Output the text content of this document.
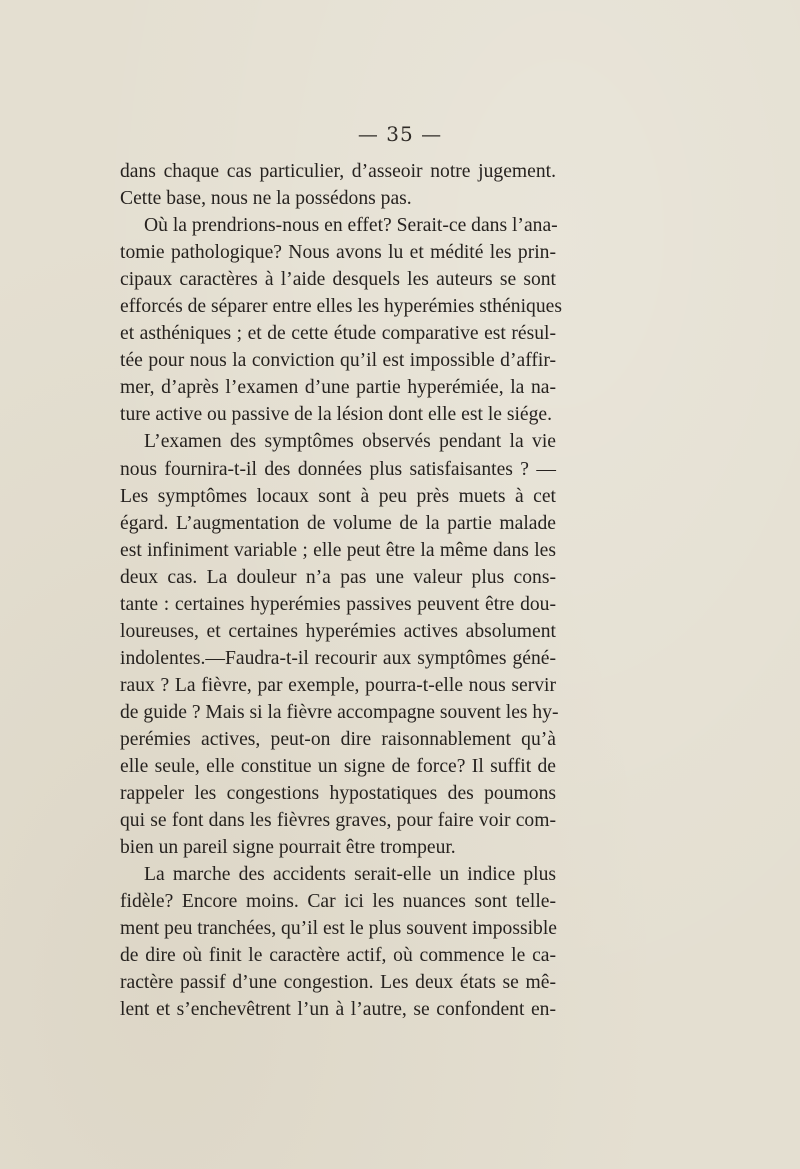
— 35 —
dans chaque cas particulier, d’asseoir notre jugement.
Cette base, nous ne la possédons pas.
Où la prendrions-nous en effet? Serait-ce dans l’ana-
tomie pathologique? Nous avons lu et médité les prin-
cipaux caractères à l’aide desquels les auteurs se sont
efforcés de séparer entre elles les hyperémies sthéniques
et asthéniques ; et de cette étude comparative est résul-
tée pour nous la conviction qu’il est impossible d’affir-
mer, d’après l’examen d’une partie hyperémiée, la na-
ture active ou passive de la lésion dont elle est le siége.
L’examen des symptômes observés pendant la vie
nous fournira-t-il des données plus satisfaisantes ? —
Les symptômes locaux sont à peu près muets à cet
égard. L’augmentation de volume de la partie malade
est infiniment variable ; elle peut être la même dans les
deux cas. La douleur n’a pas une valeur plus cons-
tante : certaines hyperémies passives peuvent être dou-
loureuses, et certaines hyperémies actives absolument
indolentes.—Faudra-t-il recourir aux symptômes géné-
raux ? La fièvre, par exemple, pourra-t-elle nous servir
de guide ? Mais si la fièvre accompagne souvent les hy-
perémies actives, peut-on dire raisonnablement qu’à
elle seule, elle constitue un signe de force? Il suffit de
rappeler les congestions hypostatiques des poumons
qui se font dans les fièvres graves, pour faire voir com-
bien un pareil signe pourrait être trompeur.
La marche des accidents serait-elle un indice plus
fidèle? Encore moins. Car ici les nuances sont telle-
ment peu tranchées, qu’il est le plus souvent impossible
de dire où finit le caractère actif, où commence le ca-
ractère passif d’une congestion. Les deux états se mê-
lent et s’enchevêtrent l’un à l’autre, se confondent en-
